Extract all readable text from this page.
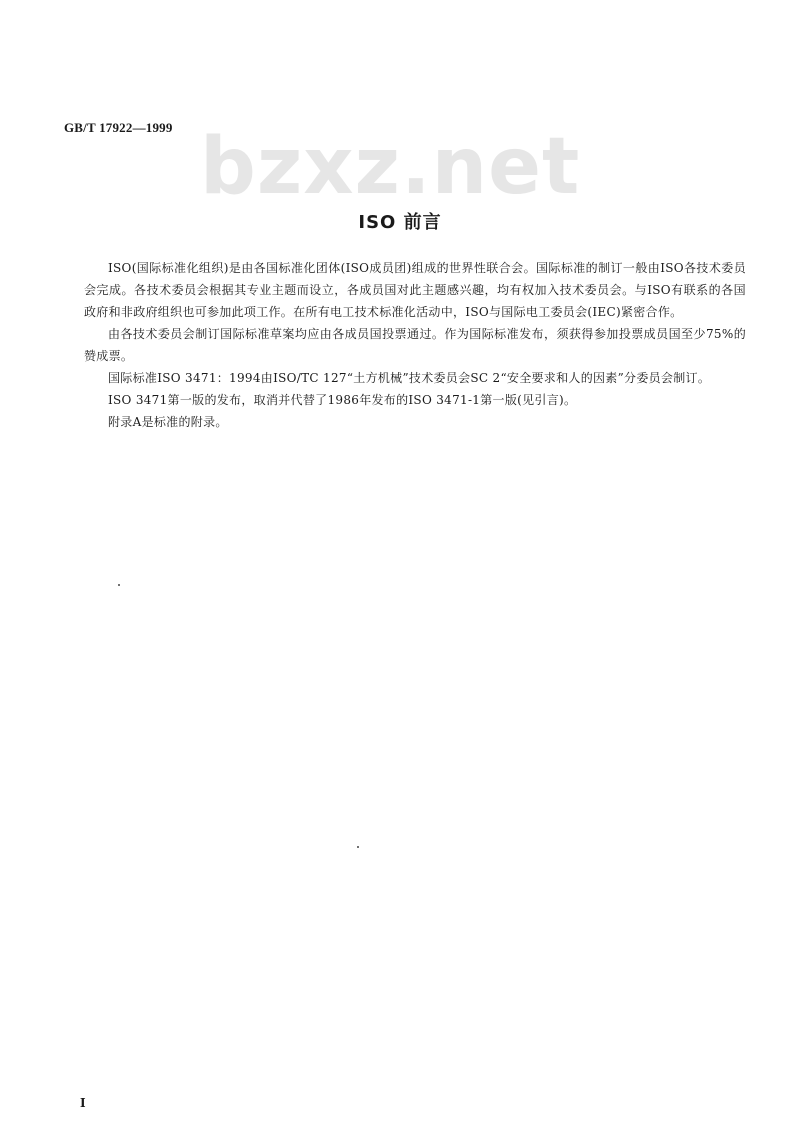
GB/T 17922—1999 bzxz.net
ISO 前言

ISO(国际标准化组织)是由各国标准化团体(ISO成员团)组成的世界性联合会。国际标准的制订一般由ISO各技术委员会完成。各技术委员会根据其专业主题而设立，各成员国对此主题感兴趣，均有权加入技术委员会。与ISO有联系的各国政府和非政府组织也可参加此项工作。在所有电工技术标准化活动中，ISO与国际电工委员会(IEC)紧密合作。

由各技术委员会制订国际标准草案均应由各成员国投票通过。作为国际标准发布，须获得参加投票成员国至少75%的赞成票。

国际标准ISO 3471：1994由ISO/TC 127“土方机械”技术委员会SC 2“安全要求和人的因素”分委员会制订。

ISO 3471第一版的发布，取消并代替了1986年发布的ISO 3471-1第一版(见引言)。

附录A是标准的附录。

I
